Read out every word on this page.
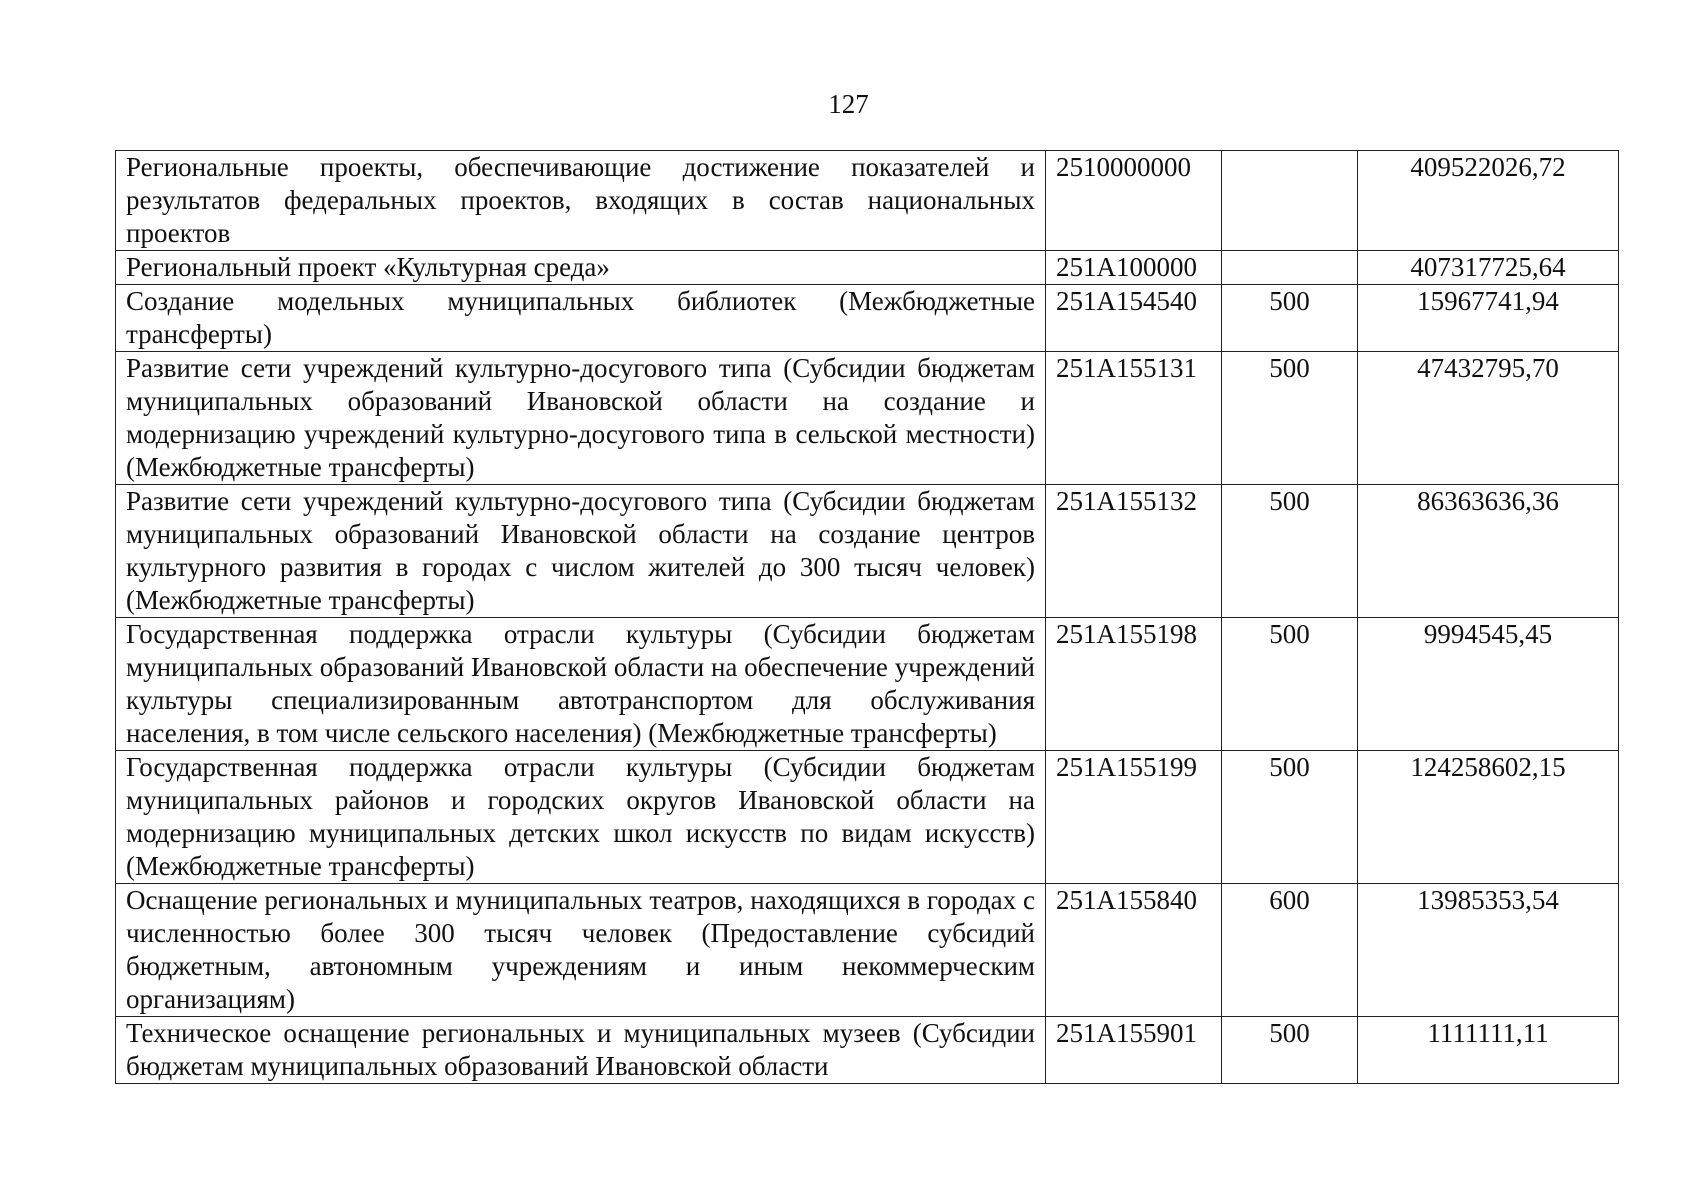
127
Региональные проекты, обеспечивающие достижение показателей и результатов федеральных проектов, входящих в состав национальных проектов	2510000000		409522026,72
Региональный проект «Культурная среда»	251А100000		407317725,64
Создание модельных муниципальных библиотек (Межбюджетные трансферты)	251А154540	500	15967741,94
Развитие сети учреждений культурно-досугового типа (Субсидии бюджетам муниципальных образований Ивановской области на создание и модернизацию учреждений культурно-досугового типа в сельской местности) (Межбюджетные трансферты)	251А155131	500	47432795,70
Развитие сети учреждений культурно-досугового типа (Субсидии бюджетам муниципальных образований Ивановской области на создание центров культурного развития в городах с числом жителей до 300 тысяч человек) (Межбюджетные трансферты)	251А155132	500	86363636,36
Государственная поддержка отрасли культуры (Субсидии бюджетам муниципальных образований Ивановской области на обеспечение учреждений культуры специализированным автотранспортом для обслуживания населения, в том числе сельского населения) (Межбюджетные трансферты)	251А155198	500	9994545,45
Государственная поддержка отрасли культуры (Субсидии бюджетам муниципальных районов и городских округов Ивановской области на модернизацию муниципальных детских школ искусств по видам искусств) (Межбюджетные трансферты)	251А155199	500	124258602,15
Оснащение региональных и муниципальных театров, находящихся в городах с численностью более 300 тысяч человек (Предоставление субсидий бюджетным, автономным учреждениям и иным некоммерческим организациям)	251А155840	600	13985353,54
Техническое оснащение региональных и муниципальных музеев (Субсидии бюджетам муниципальных образований Ивановской области	251А155901	500	1111111,11
